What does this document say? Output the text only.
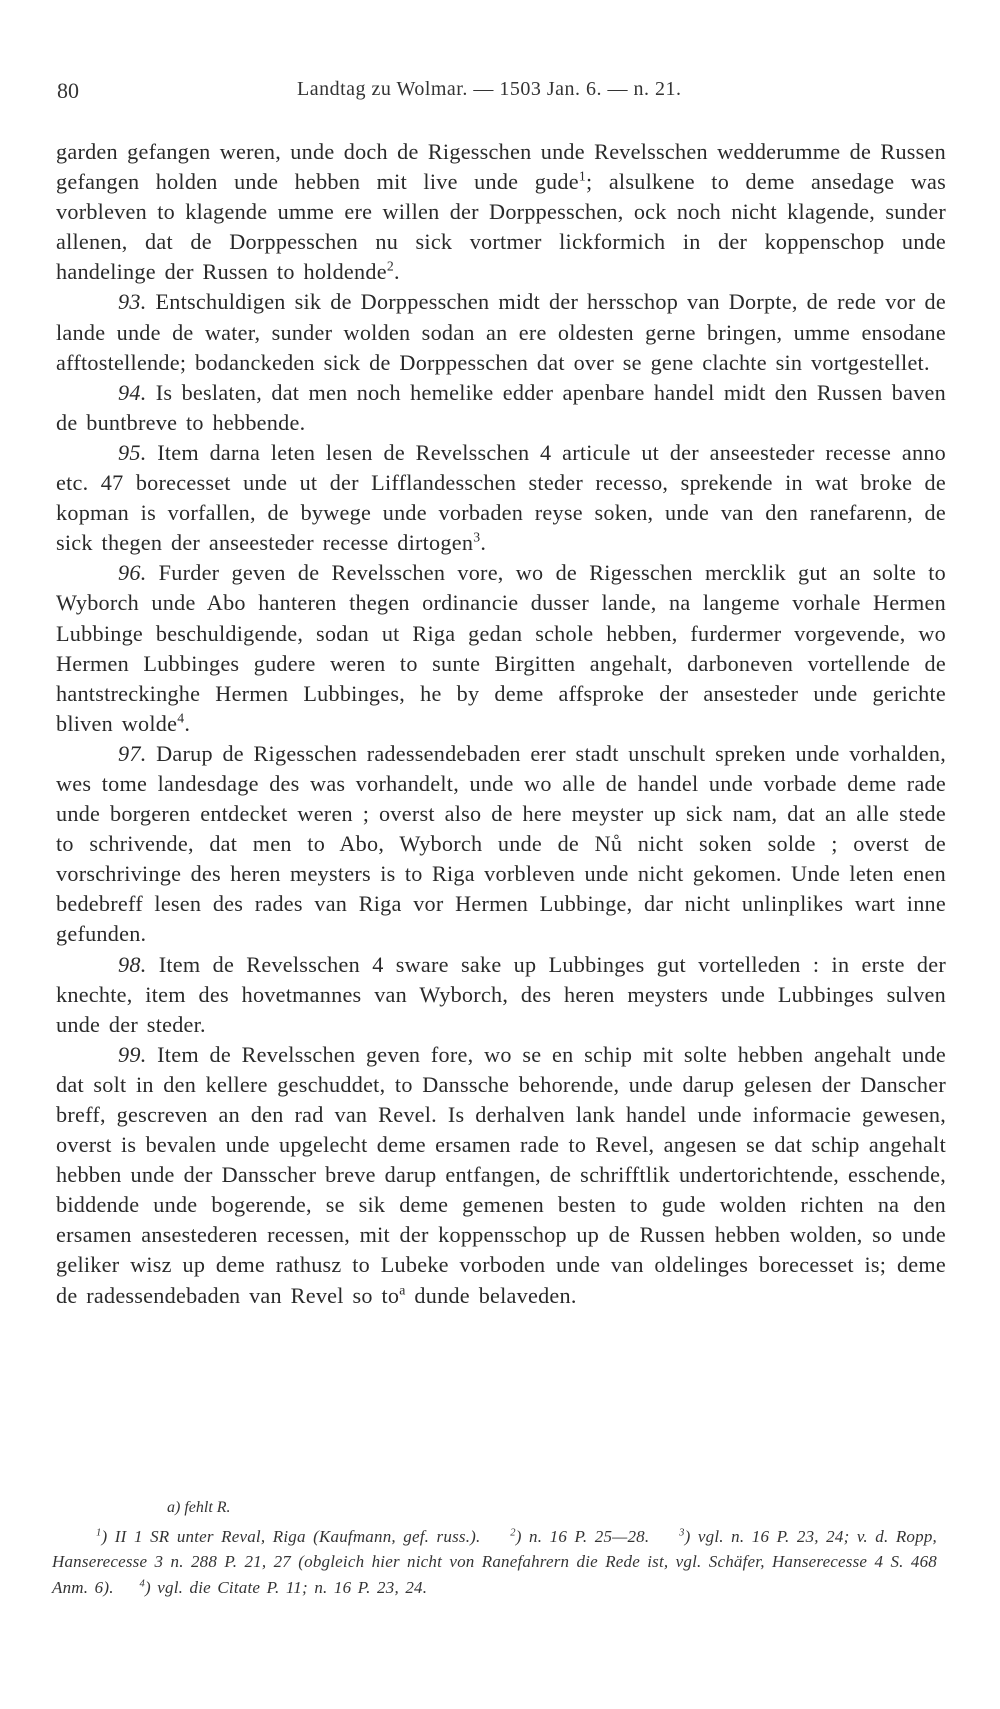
80	Landtag zu Wolmar. — 1503 Jan. 6. — n. 21.

garden gefangen weren, unde doch de Rigesschen unde Revelsschen wedderumme de Russen gefangen holden unde hebben mit live unde gude$^1$; alsulkene to deme ansedage was vorbleven to klagende umme ere willen der Dorppesschen, ock noch nicht klagende, sunder allenen, dat de Dorppesschen nu sick vortmer lickformich in der koppenschop unde handelinge der Russen to holdende$^2$.

93. Entschuldigen sik de Dorppesschen midt der hersschop van Dorpte, de rede vor de lande unde de water, sunder wolden sodan an ere oldesten gerne bringen, umme ensodane afftostellende; bodanckeden sick de Dorppesschen dat over se gene clachte sin vortgestellet.

94. Is beslaten, dat men noch hemelike edder apenbare handel midt den Russen baven de buntbreve to hebbende.

95. Item darna leten lesen de Revelsschen 4 articule ut der anseesteder recesse anno etc. 47 borecesset unde ut der Lifflandesschen steder recesso, sprekende in wat broke de kopman is vorfallen, de bywege unde vorbaden reyse soken, unde van den ranefarenn, de sick thegen der anseesteder recesse dirtogen$^3$.

96. Furder geven de Revelsschen vore, wo de Rigesschen mercklik gut an solte to Wyborch unde Abo hanteren thegen ordinancie dusser lande, na langeme vorhale Hermen Lubbinge beschuldigende, sodan ut Riga gedan schole hebben, furdermer vorgevende, wo Hermen Lubbinges gudere weren to sunte Birgitten angehalt, darboneven vortellende de hantstreckinghe Hermen Lubbinges, he by deme affsproke der ansesteder unde gerichte bliven wolde$^4$.

97. Darup de Rigesschen radessendebaden erer stadt unschult spreken unde vorhalden, wes tome landesdage des was vorhandelt, unde wo alle de handel unde vorbade deme rade unde borgeren entdecket weren ; overst also de here meyster up sick nam, dat an alle stede to schrivende, dat men to Abo, Wyborch unde de Nů nicht soken solde ; overst de vorschrivinge des heren meysters is to Riga vorbleven unde nicht gekomen. Unde leten enen bedebreff lesen des rades van Riga vor Hermen Lubbinge, dar nicht unlinplikes wart inne gefunden.

98. Item de Revelsschen 4 sware sake up Lubbinges gut vortelleden : in erste der knechte, item des hovetmannes van Wyborch, des heren meysters unde Lubbinges sulven unde der steder.

99. Item de Revelsschen geven fore, wo se en schip mit solte hebben angehalt unde dat solt in den kellere geschuddet, to Danssche behorende, unde darup gelesen der Danscher breff, gescreven an den rad van Revel. Is derhalven lank handel unde informacie gewesen, overst is bevalen unde upgelecht deme ersamen rade to Revel, angesen se dat schip angehalt hebben unde der Dansscher breve darup entfangen, de schrifftlik undertorichtende, esschende, biddende unde bogerende, se sik deme gemenen besten to gude wolden richten na den ersamen ansestederen recessen, mit der koppensschop up de Russen hebben wolden, so unde geliker wisz up deme rathusz to Lubeke vorboden unde van oldelinges borecesset is; deme de radessendebaden van Revel so $to^a$ dunde belaveden.

a) fehlt R.
$^1$) II 1 SR unter Reval, Riga (Kaufmann, gef. russ.).	$^2$) n. 16 P. 25—28.	$^3$) vgl. n. 16 P. 23, 24; v. d. Ropp, Hanserecesse 3 n. 288 P. 21, 27 (obgleich hier nicht von Ranefahrern die Rede ist, vgl. Schäfer, Hanserecesse 4 S. 468 Anm. 6). $^4$) vgl. die Citate P. 11; n. 16 P. 23, 24.
